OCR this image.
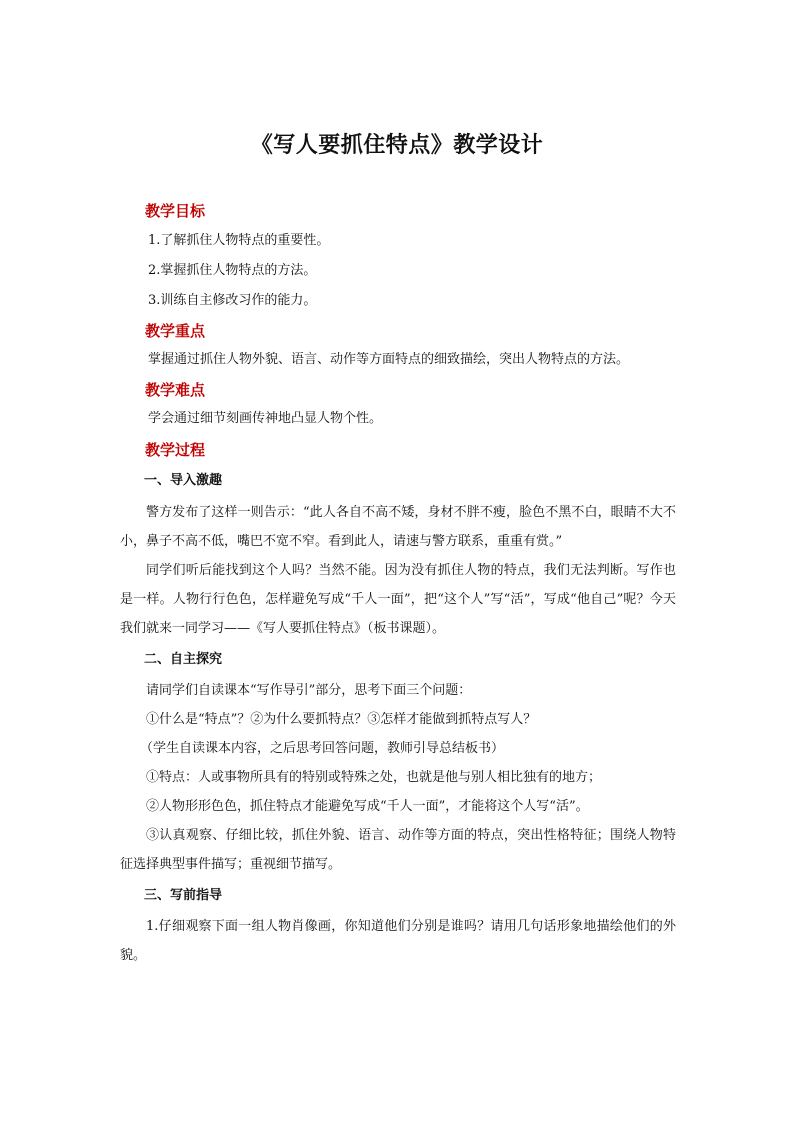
《写人要抓住特点》教学设计
教学目标
1.了解抓住人物特点的重要性。
2.掌握抓住人物特点的方法。
3.训练自主修改习作的能力。
教学重点
掌握通过抓住人物外貌、语言、动作等方面特点的细致描绘，突出人物特点的方法。
教学难点
学会通过细节刻画传神地凸显人物个性。
教学过程
一、导入激趣

警方发布了这样一则告示：“此人各自不高不矮，身材不胖不瘦，脸色不黑不白，眼睛不大不小，鼻子不高不低，嘴巴不宽不窄。看到此人，请速与警方联系，重重有赏。”

同学们听后能找到这个人吗？当然不能。因为没有抓住人物的特点，我们无法判断。写作也是一样。人物行行色色，怎样避免写成“千人一面”，把“这个人”写“活”，写成“他自己”呢？今天我们就来一同学习——《写人要抓住特点》（板书课题）。

二、自主探究

请同学们自读课本“写作导引”部分，思考下面三个问题：

①什么是“特点”？②为什么要抓特点？③怎样才能做到抓特点写人？

（学生自读课本内容，之后思考回答问题，教师引导总结板书）

①特点：人或事物所具有的特别或特殊之处，也就是他与别人相比独有的地方；

②人物形形色色，抓住特点才能避免写成“千人一面”，才能将这个人写“活”。

③认真观察、仔细比较，抓住外貌、语言、动作等方面的特点，突出性格特征；围绕人物特征选择典型事件描写；重视细节描写。

三、写前指导

1.仔细观察下面一组人物肖像画，你知道他们分别是谁吗？请用几句话形象地描绘他们的外貌。
